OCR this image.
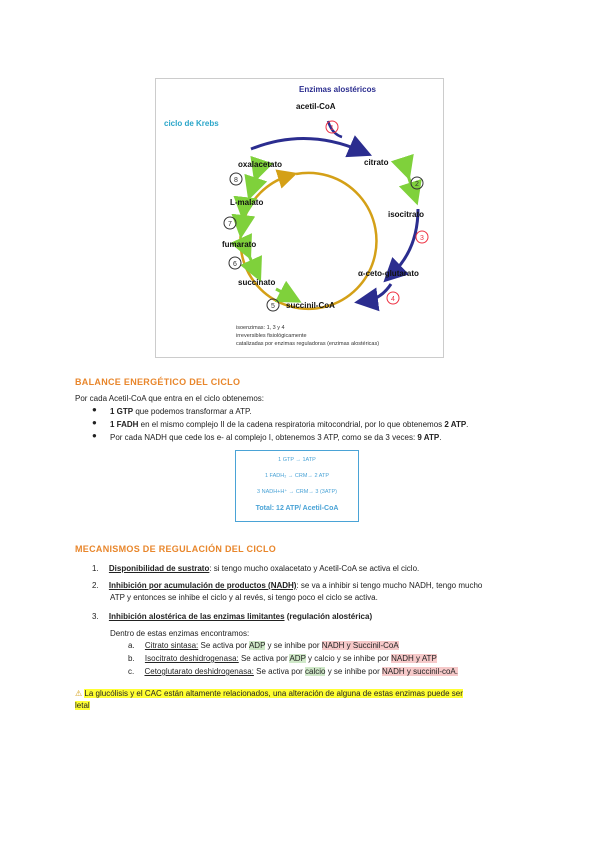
Enzimas alostéricos
ciclo de Krebs
acetil-CoA
citrato
isocitrato
α-ceto-glutarato
succinil-CoA
succinato
fumarato
L-malato
oxalacetato
1
2
3
4
5
6
7
8
isoenzimas: 1, 3 y 4
irreversibles fisiológicamente
catalizadas por enzimas reguladoras (enzimas alostéricas)
BALANCE ENERGÉTICO DEL CICLO
Por cada Acetil-CoA que entra en el ciclo obtenemos:
● 1 GTP que podemos transformar a ATP.
● 1 FADH en el mismo complejo II de la cadena respiratoria mitocondrial, por lo que obtenemos 2 ATP.
● Por cada NADH que cede los e- al complejo I, obtenemos 3 ATP, como se da 3 veces: 9 ATP.
1 GTP → 1ATP
1 FADH₂ → CRM→ 2 ATP
3 NADH+H⁺ → CRM→ 3 (3ATP)
Total: 12 ATP/ Acetil-CoA
MECANISMOS DE REGULACIÓN DEL CICLO
1. Disponibilidad de sustrato: si tengo mucho oxalacetato y Acetil-CoA se activa el ciclo.
2. Inhibición por acumulación de productos (NADH): se va a inhibir si tengo mucho NADH, tengo mucho
ATP y entonces se inhibe el ciclo y al revés, si tengo poco el ciclo se activa.
3. Inhibición alostérica de las enzimas limitantes (regulación alostérica)
Dentro de estas enzimas encontramos:
a. Citrato sintasa: Se activa por ADP y se inhibe por NADH y Succinil-CoA
b. Isocitrato deshidrogenasa: Se activa por ADP y calcio y se inhibe por NADH y ATP
c. Cetoglutarato deshidrogenasa: Se activa por calcio y se inhibe por NADH y succinil-coA.
⚠ La glucólisis y el CAC están altamente relacionados, una alteración de alguna de estas enzimas puede ser
letal
